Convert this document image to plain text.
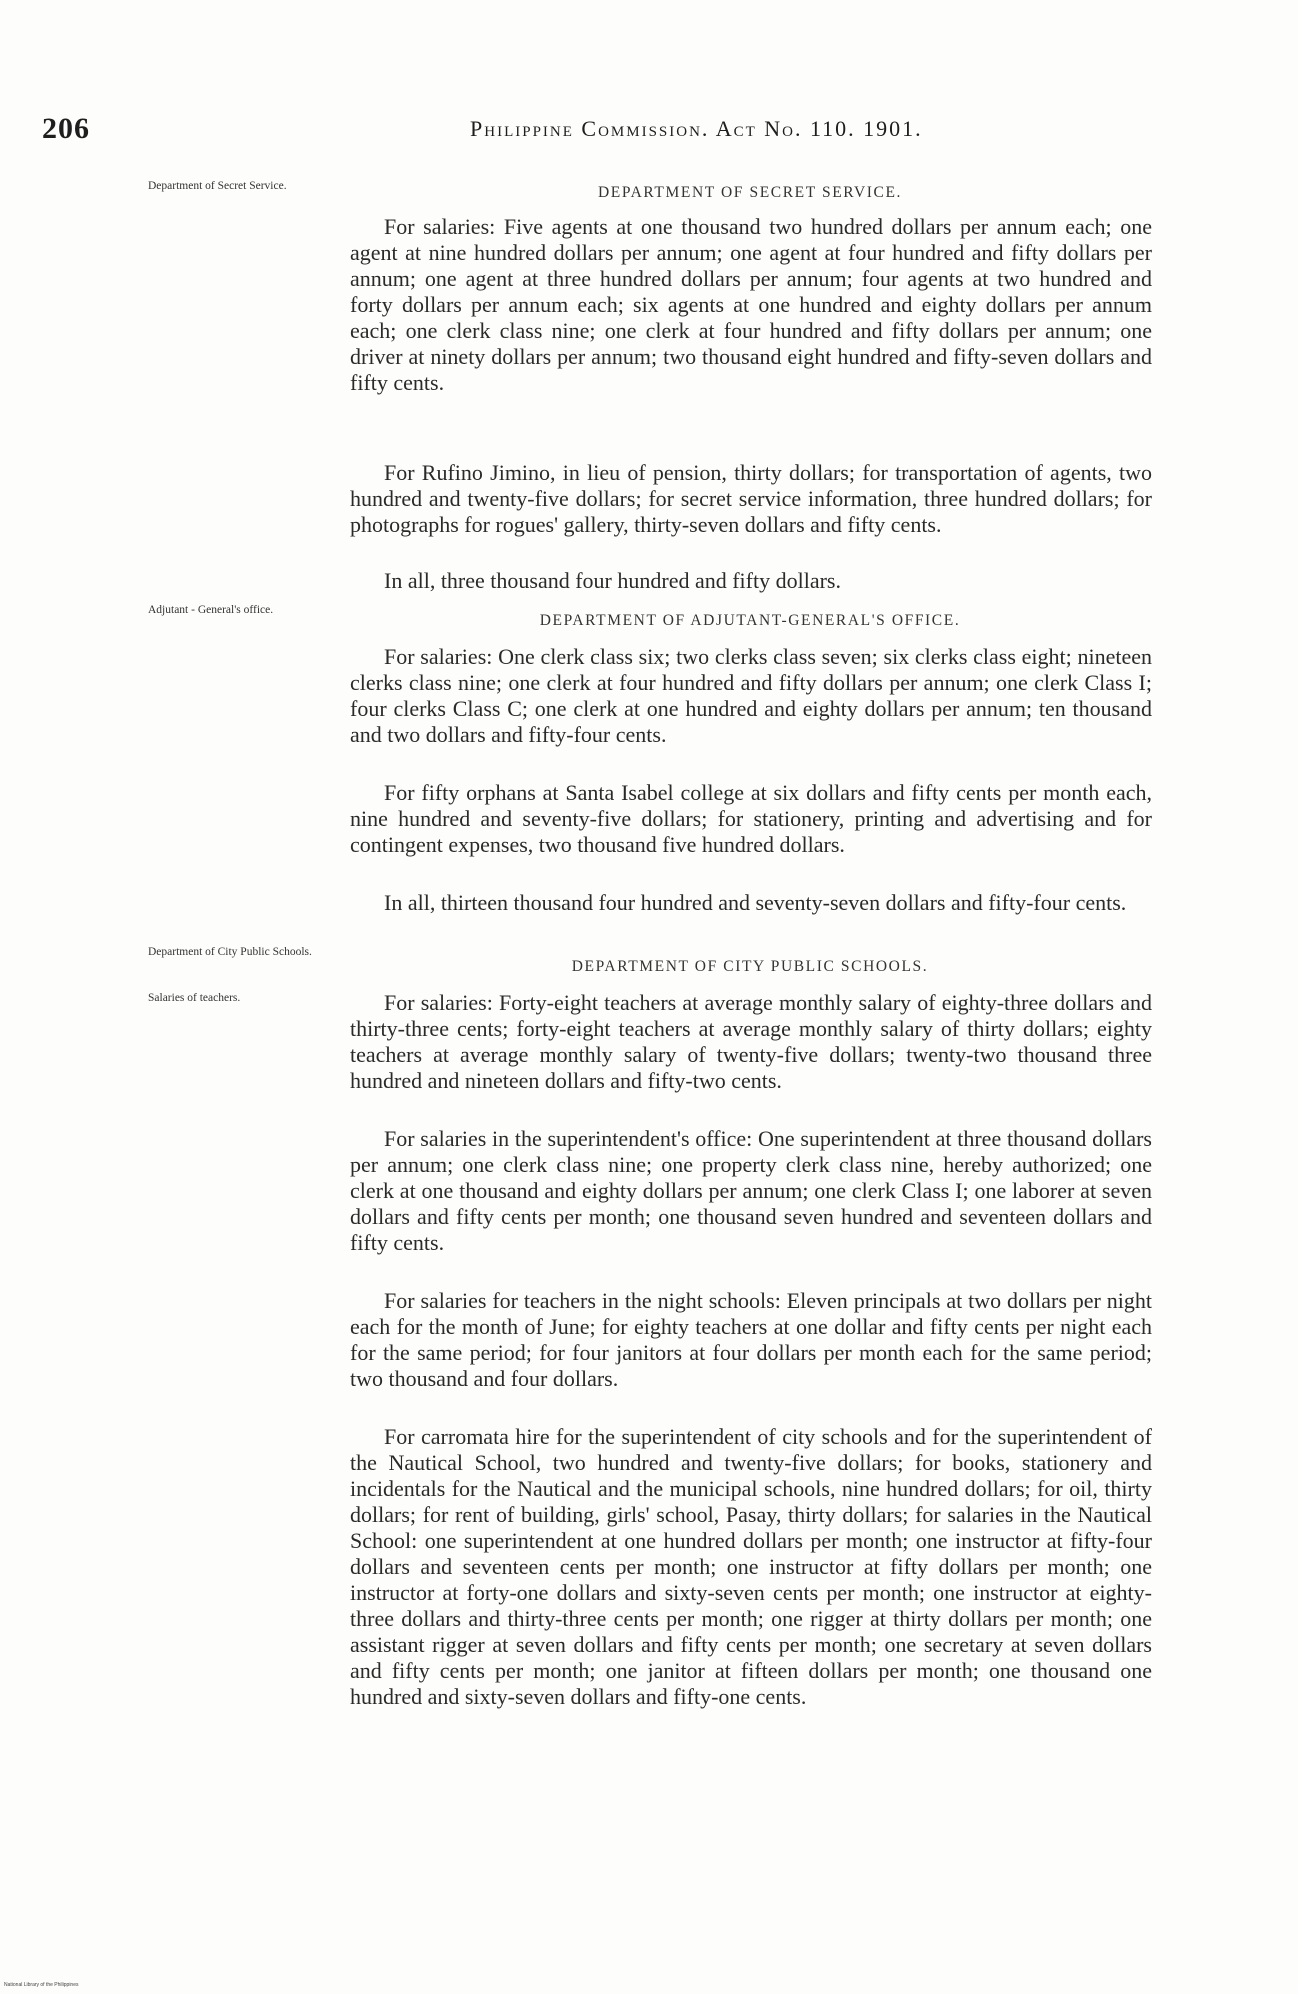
206	Philippine Commission. Act No. 110. 1901.
Department of Secret Service.	DEPARTMENT OF SECRET SERVICE.

For salaries: Five agents at one thousand two hundred dollars per annum each; one agent at nine hundred dollars per annum; one agent at four hundred and fifty dollars per annum; one agent at three hundred dollars per annum; four agents at two hundred and forty dollars per annum each; six agents at one hundred and eighty dollars per annum each; one clerk class nine; one clerk at four hundred and fifty dollars per annum; one driver at ninety dollars per annum; two thousand eight hundred and fifty-seven dollars and fifty cents.

For Rufino Jimino, in lieu of pension, thirty dollars; for transportation of agents, two hundred and twenty-five dollars; for secret service information, three hundred dollars; for photographs for rogues' gallery, thirty-seven dollars and fifty cents.

In all, three thousand four hundred and fifty dollars.

Adjutant - General's office.
DEPARTMENT OF ADJUTANT-GENERAL'S OFFICE.

For salaries: One clerk class six; two clerks class seven; six clerks class eight; nineteen clerks class nine; one clerk at four hundred and fifty dollars per annum; one clerk Class I; four clerks Class C; one clerk at one hundred and eighty dollars per annum; ten thousand and two dollars and fifty-four cents.

For fifty orphans at Santa Isabel college at six dollars and fifty cents per month each, nine hundred and seventy-five dollars; for stationery, printing and advertising and for contingent expenses, two thousand five hundred dollars.

In all, thirteen thousand four hundred and seventy-seven dollars and fifty-four cents.

Department of City Public Schools.
Salaries of teachers.
DEPARTMENT OF CITY PUBLIC SCHOOLS.

For salaries: Forty-eight teachers at average monthly salary of eighty-three dollars and thirty-three cents; forty-eight teachers at average monthly salary of thirty dollars; eighty teachers at average monthly salary of twenty-five dollars; twenty-two thousand three hundred and nineteen dollars and fifty-two cents.

For salaries in the superintendent's office: One superintendent at three thousand dollars per annum; one clerk class nine; one property clerk class nine, hereby authorized; one clerk at one thousand and eighty dollars per annum; one clerk Class I; one laborer at seven dollars and fifty cents per month; one thousand seven hundred and seventeen dollars and fifty cents.

For salaries for teachers in the night schools: Eleven principals at two dollars per night each for the month of June; for eighty teachers at one dollar and fifty cents per night each for the same period; for four janitors at four dollars per month each for the same period; two thousand and four dollars.

For carromata hire for the superintendent of city schools and for the superintendent of the Nautical School, two hundred and twenty-five dollars; for books, stationery and incidentals for the Nautical and the municipal schools, nine hundred dollars; for oil, thirty dollars; for rent of building, girls' school, Pasay, thirty dollars; for salaries in the Nautical School: one superintendent at one hundred dollars per month; one instructor at fifty-four dollars and seventeen cents per month; one instructor at fifty dollars per month; one instructor at forty-one dollars and sixty-seven cents per month; one instructor at eighty-three dollars and thirty-three cents per month; one rigger at thirty dollars per month; one assistant rigger at seven dollars and fifty cents per month; one secretary at seven dollars and fifty cents per month; one janitor at fifteen dollars per month; one thousand one hundred and sixty-seven dollars and fifty-one cents.

National Library of the Philippines
